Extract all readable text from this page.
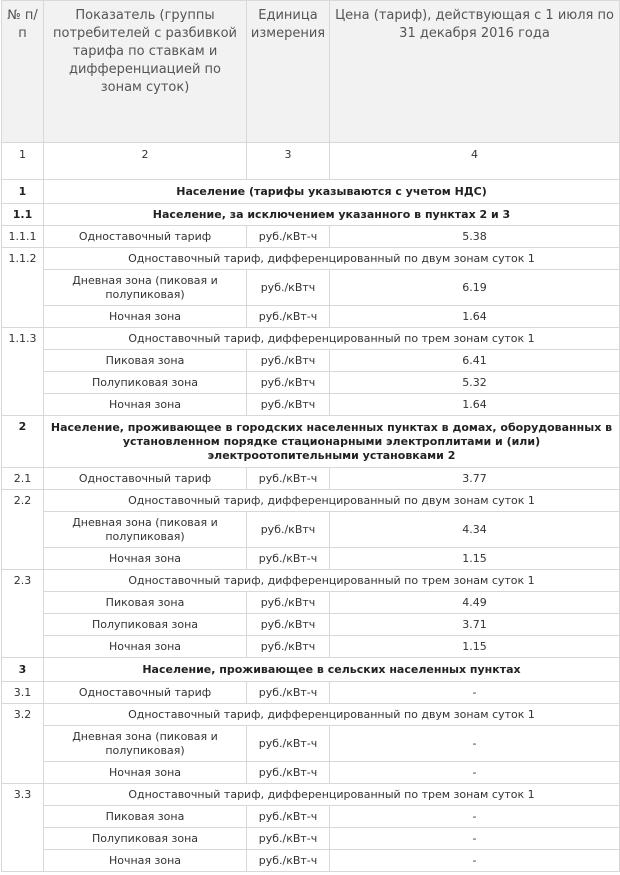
№ п/п	Показатель (группы потребителей с разбивкой тарифа по ставкам и дифференциацией по зонам суток)	Единица измерения	Цена (тариф), действующая с 1 июля по 31 декабря 2016 года
1	2	3	4
1	Население (тарифы указываются с учетом НДС)		
1.1	Население, за исключением указанного в пунктах 2 и 3		
1.1.1	Одноставочный тариф	руб./кВт-ч	5.38
1.1.2	Одноставочный тариф, дифференцированный по двум зонам суток 1		
	Дневная зона (пиковая и полупиковая)	руб./кВтч	6.19
	Ночная зона	руб./кВт-ч	1.64
1.1.3	Одноставочный тариф, дифференцированный по трем зонам суток 1		
	Пиковая зона	руб./кВтч	6.41
	Полупиковая зона	руб./кВтч	5.32
	Ночная зона	руб./кВтч	1.64
2	Население, проживающее в городских населенных пунктах в домах, оборудованных в установленном порядке стационарными электроплитами и (или) электроотопительными установками 2		
2.1	Одноставочный тариф	руб./кВт-ч	3.77
2.2	Одноставочный тариф, дифференцированный по двум зонам суток 1		
	Дневная зона (пиковая и полупиковая)	руб./кВтч	4.34
	Ночная зона	руб./кВт-ч	1.15
2.3	Одноставочный тариф, дифференцированный по трем зонам суток 1		
	Пиковая зона	руб./кВтч	4.49
	Полупиковая зона	руб./кВтч	3.71
	Ночная зона	руб./кВтч	1.15
3	Население, проживающее в сельских населенных пунктах		
3.1	Одноставочный тариф	руб./кВт-ч	-
3.2	Одноставочный тариф, дифференцированный по двум зонам суток 1		
	Дневная зона (пиковая и полупиковая)	руб./кВт-ч	-
	Ночная зона	руб./кВт-ч	-
3.3	Одноставочный тариф, дифференцированный по трем зонам суток 1		
	Пиковая зона	руб./кВт-ч	-
	Полупиковая зона	руб./кВт-ч	-
	Ночная зона	руб./кВт-ч	-
